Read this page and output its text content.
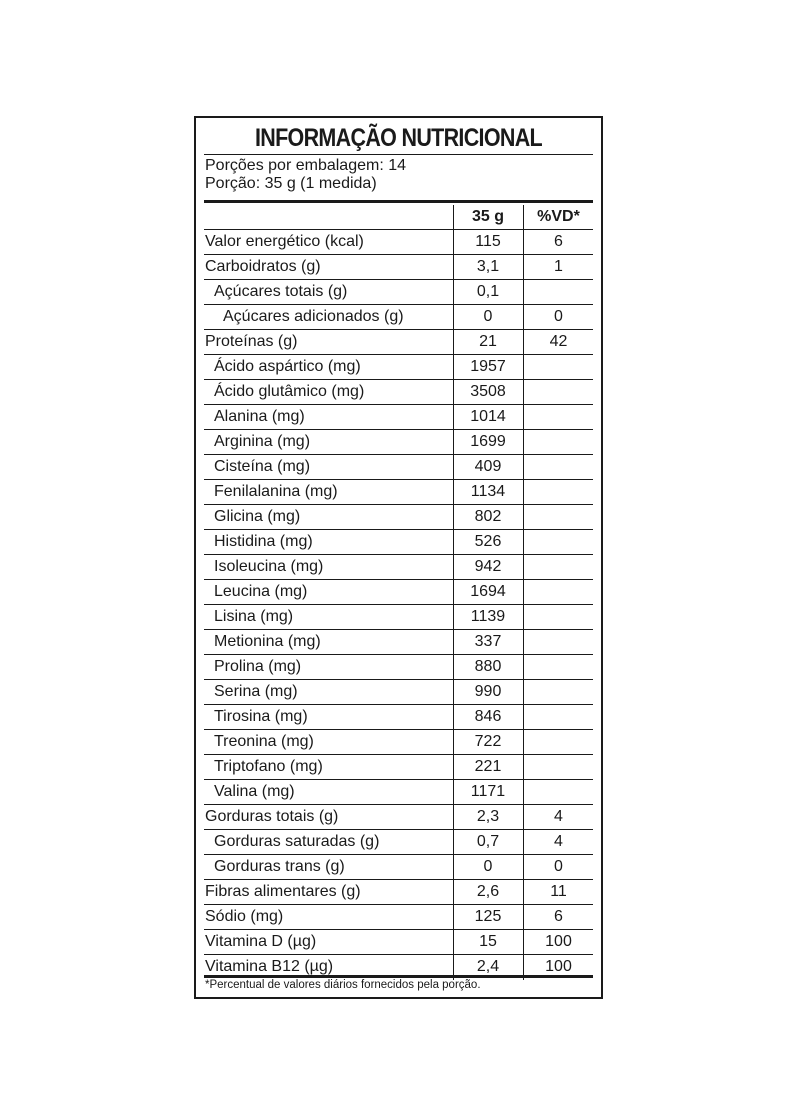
INFORMAÇÃO NUTRICIONAL
Porções por embalagem: 14
Porção: 35 g (1 medida)
35 g	%VD*
Valor energético (kcal)	115	6
Carboidratos (g)	3,1	1
Açúcares totais (g)	0,1
Açúcares adicionados (g)	0	0
Proteínas (g)	21	42
Ácido aspártico (mg)	1957
Ácido glutâmico (mg)	3508
Alanina (mg)	1014
Arginina (mg)	1699
Cisteína (mg)	409
Fenilalanina (mg)	1134
Glicina (mg)	802
Histidina (mg)	526
Isoleucina (mg)	942
Leucina (mg)	1694
Lisina (mg)	1139
Metionina (mg)	337
Prolina (mg)	880
Serina (mg)	990
Tirosina (mg)	846
Treonina (mg)	722
Triptofano (mg)	221
Valina (mg)	1171
Gorduras totais (g)	2,3	4
Gorduras saturadas (g)	0,7	4
Gorduras trans (g)	0	0
Fibras alimentares (g)	2,6	11
Sódio (mg)	125	6
Vitamina D (µg)	15	100
Vitamina B12 (µg)	2,4	100
*Percentual de valores diários fornecidos pela porção.
